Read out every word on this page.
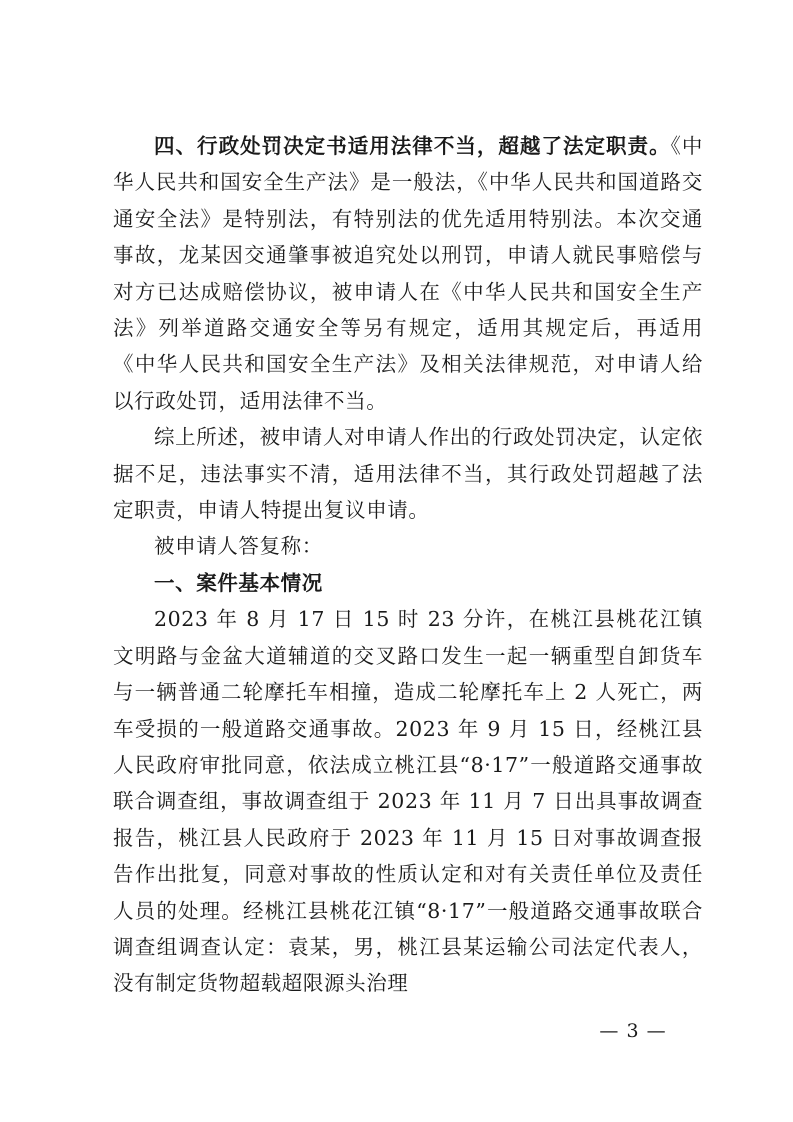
四、行政处罚决定书适用法律不当，超越了法定职责。《中华人民共和国安全生产法》是一般法，《中华人民共和国道路交通安全法》是特别法，有特别法的优先适用特别法。本次交通事故，龙某因交通肇事被追究处以刑罚，申请人就民事赔偿与对方已达成赔偿协议，被申请人在《中华人民共和国安全生产法》列举道路交通安全等另有规定，适用其规定后，再适用《中华人民共和国安全生产法》及相关法律规范，对申请人给以行政处罚，适用法律不当。

综上所述，被申请人对申请人作出的行政处罚决定，认定依据不足，违法事实不清，适用法律不当，其行政处罚超越了法定职责，申请人特提出复议申请。

被申请人答复称：

一、案件基本情况

2023 年 8 月 17 日 15 时 23 分许，在桃江县桃花江镇文明路与金盆大道辅道的交叉路口发生一起一辆重型自卸货车与一辆普通二轮摩托车相撞，造成二轮摩托车上 2 人死亡，两车受损的一般道路交通事故。2023 年 9 月 15 日，经桃江县人民政府审批同意，依法成立桃江县“8·17”一般道路交通事故联合调查组，事故调查组于 2023 年 11 月 7 日出具事故调查报告，桃江县人民政府于 2023 年 11 月 15 日对事故调查报告作出批复，同意对事故的性质认定和对有关责任单位及责任人员的处理。经桃江县桃花江镇“8·17”一般道路交通事故联合调查组调查认定：袁某，男，桃江县某运输公司法定代表人，没有制定货物超载超限源头治理

— 3 —
